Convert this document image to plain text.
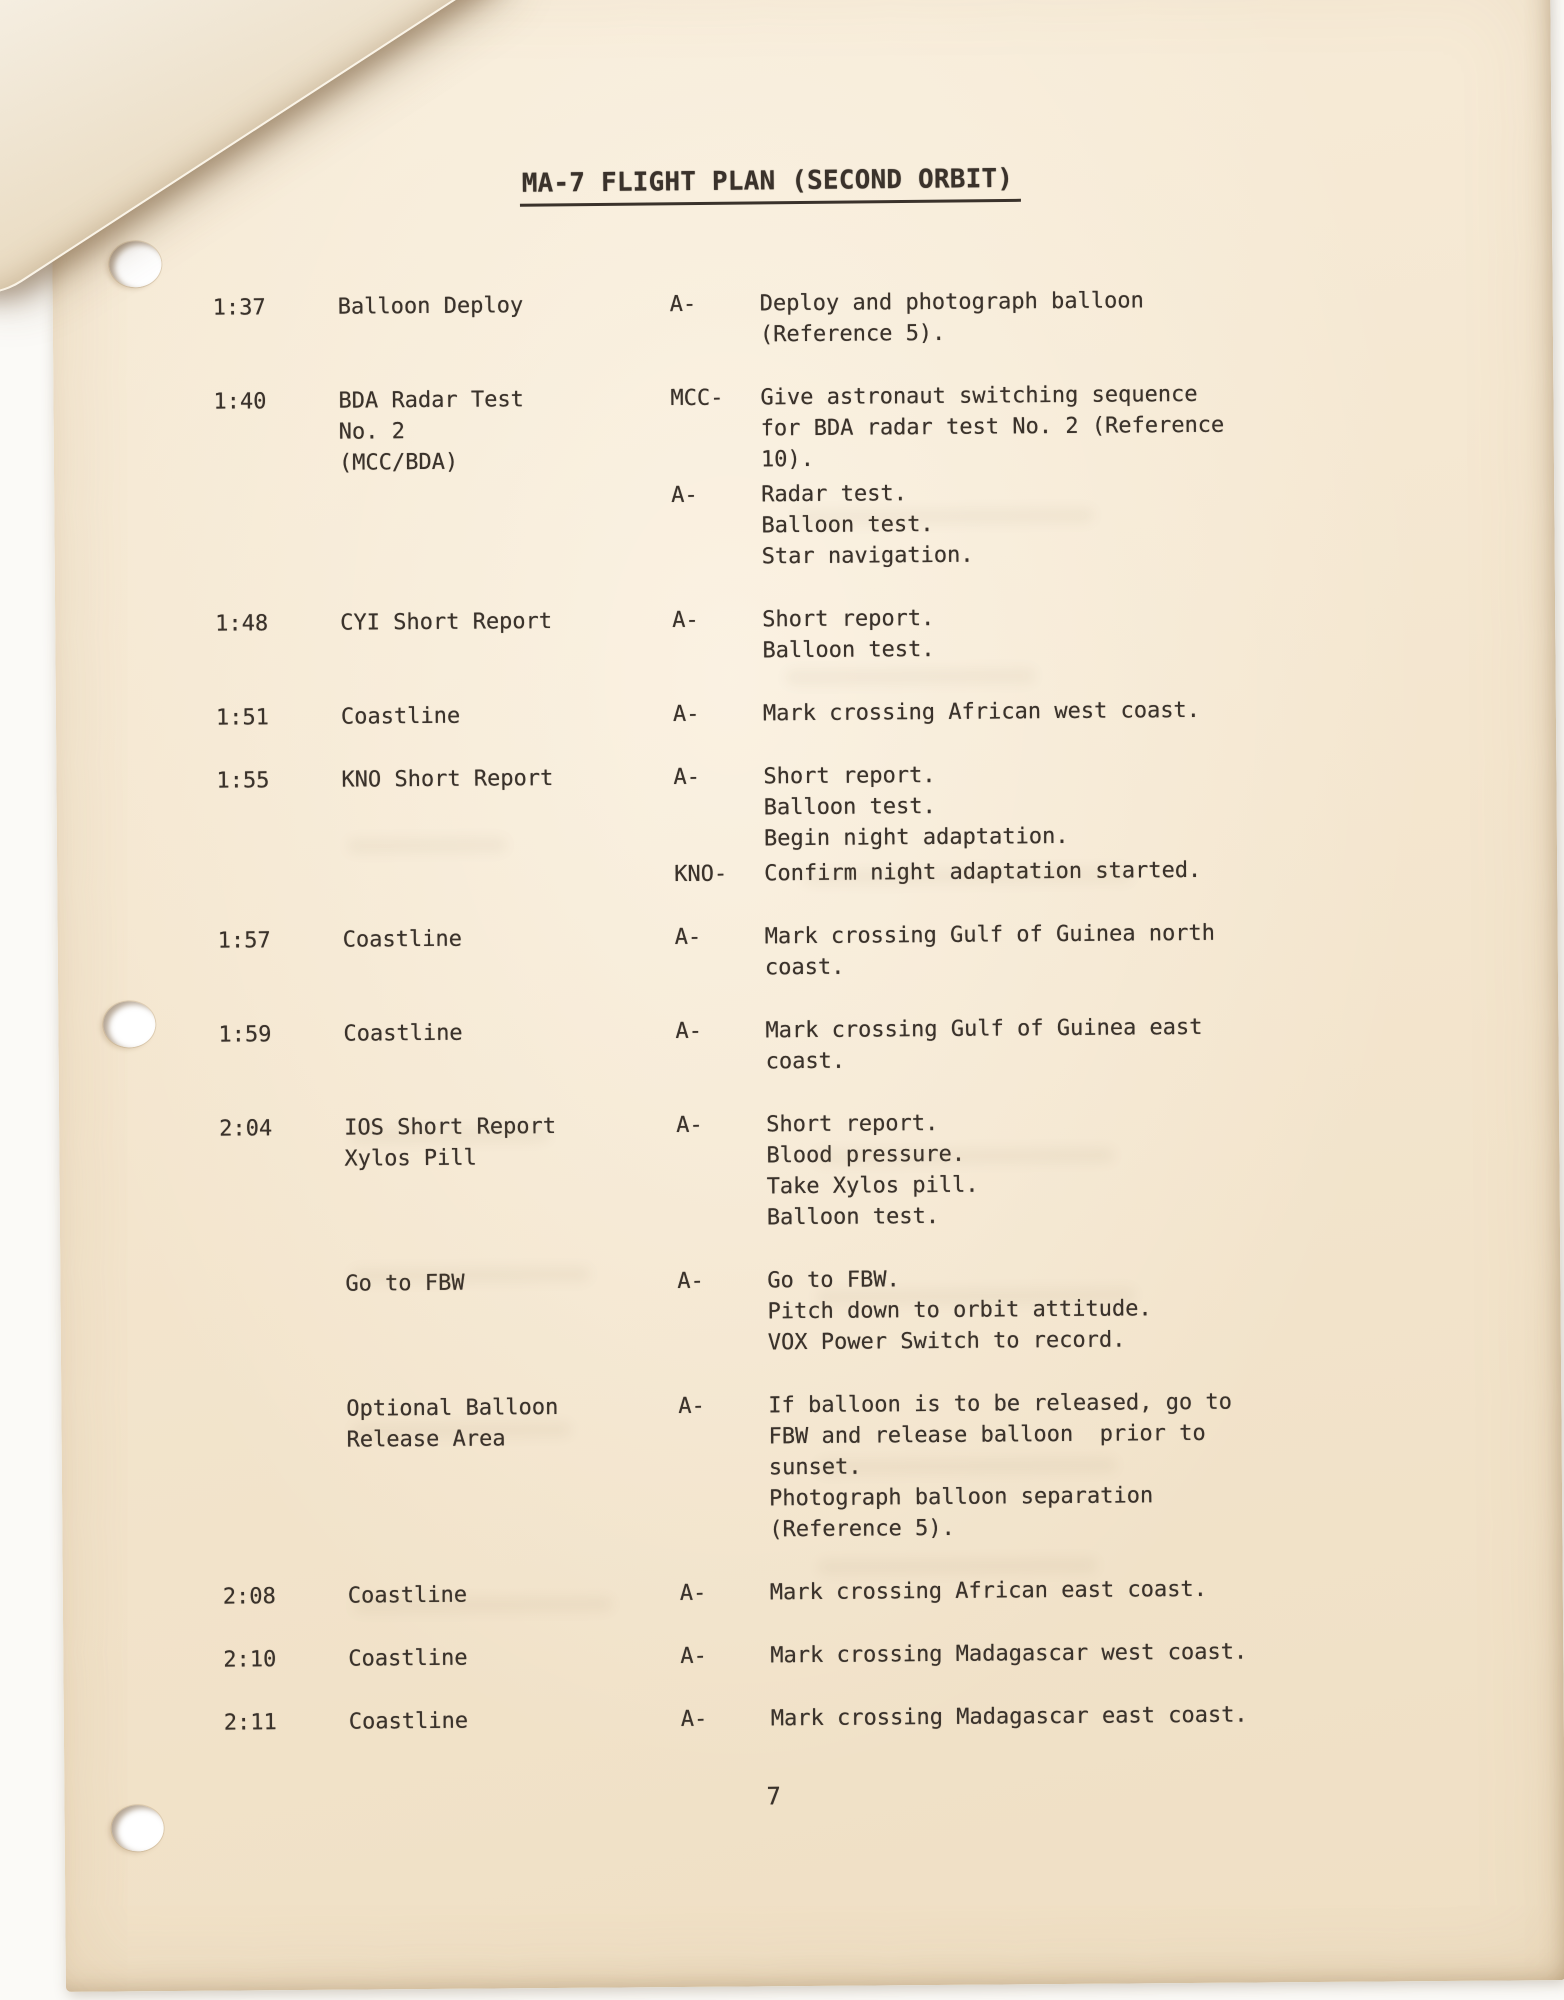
MA-7 FLIGHT PLAN (SECOND ORBIT)
1:37	Balloon Deploy	A-	Deploy and photograph balloon
(Reference 5).
1:40	BDA Radar Test
No. 2
(MCC/BDA)
MCC-	Give astronaut switching sequence
for BDA radar test No. 2 (Reference
10).
A-	Radar test.
Balloon test.
Star navigation.
1:48	CYI Short Report	A-	Short report.
Balloon test.
1:51	Coastline	A-	Mark crossing African west coast.
1:55	KNO Short Report	A-	Short report.
Balloon test.
Begin night adaptation.
KNO-	Confirm night adaptation started.
1:57	Coastline	A-	Mark crossing Gulf of Guinea north
coast.
1:59	Coastline	A-	Mark crossing Gulf of Guinea east
coast.
2:04	IOS Short Report
Xylos Pill
A-	Short report.
Blood pressure.
Take Xylos pill.
Balloon test.
Go to FBW	A-	Go to FBW.
Pitch down to orbit attitude.
VOX Power Switch to record.
Optional Balloon
Release Area
A-	If balloon is to be released, go to
FBW and release balloon  prior to
sunset.
Photograph balloon separation
(Reference 5).
2:08	Coastline	A-	Mark crossing African east coast.
2:10	Coastline	A-	Mark crossing Madagascar west coast.
2:11	Coastline	A-	Mark crossing Madagascar east coast.
7
